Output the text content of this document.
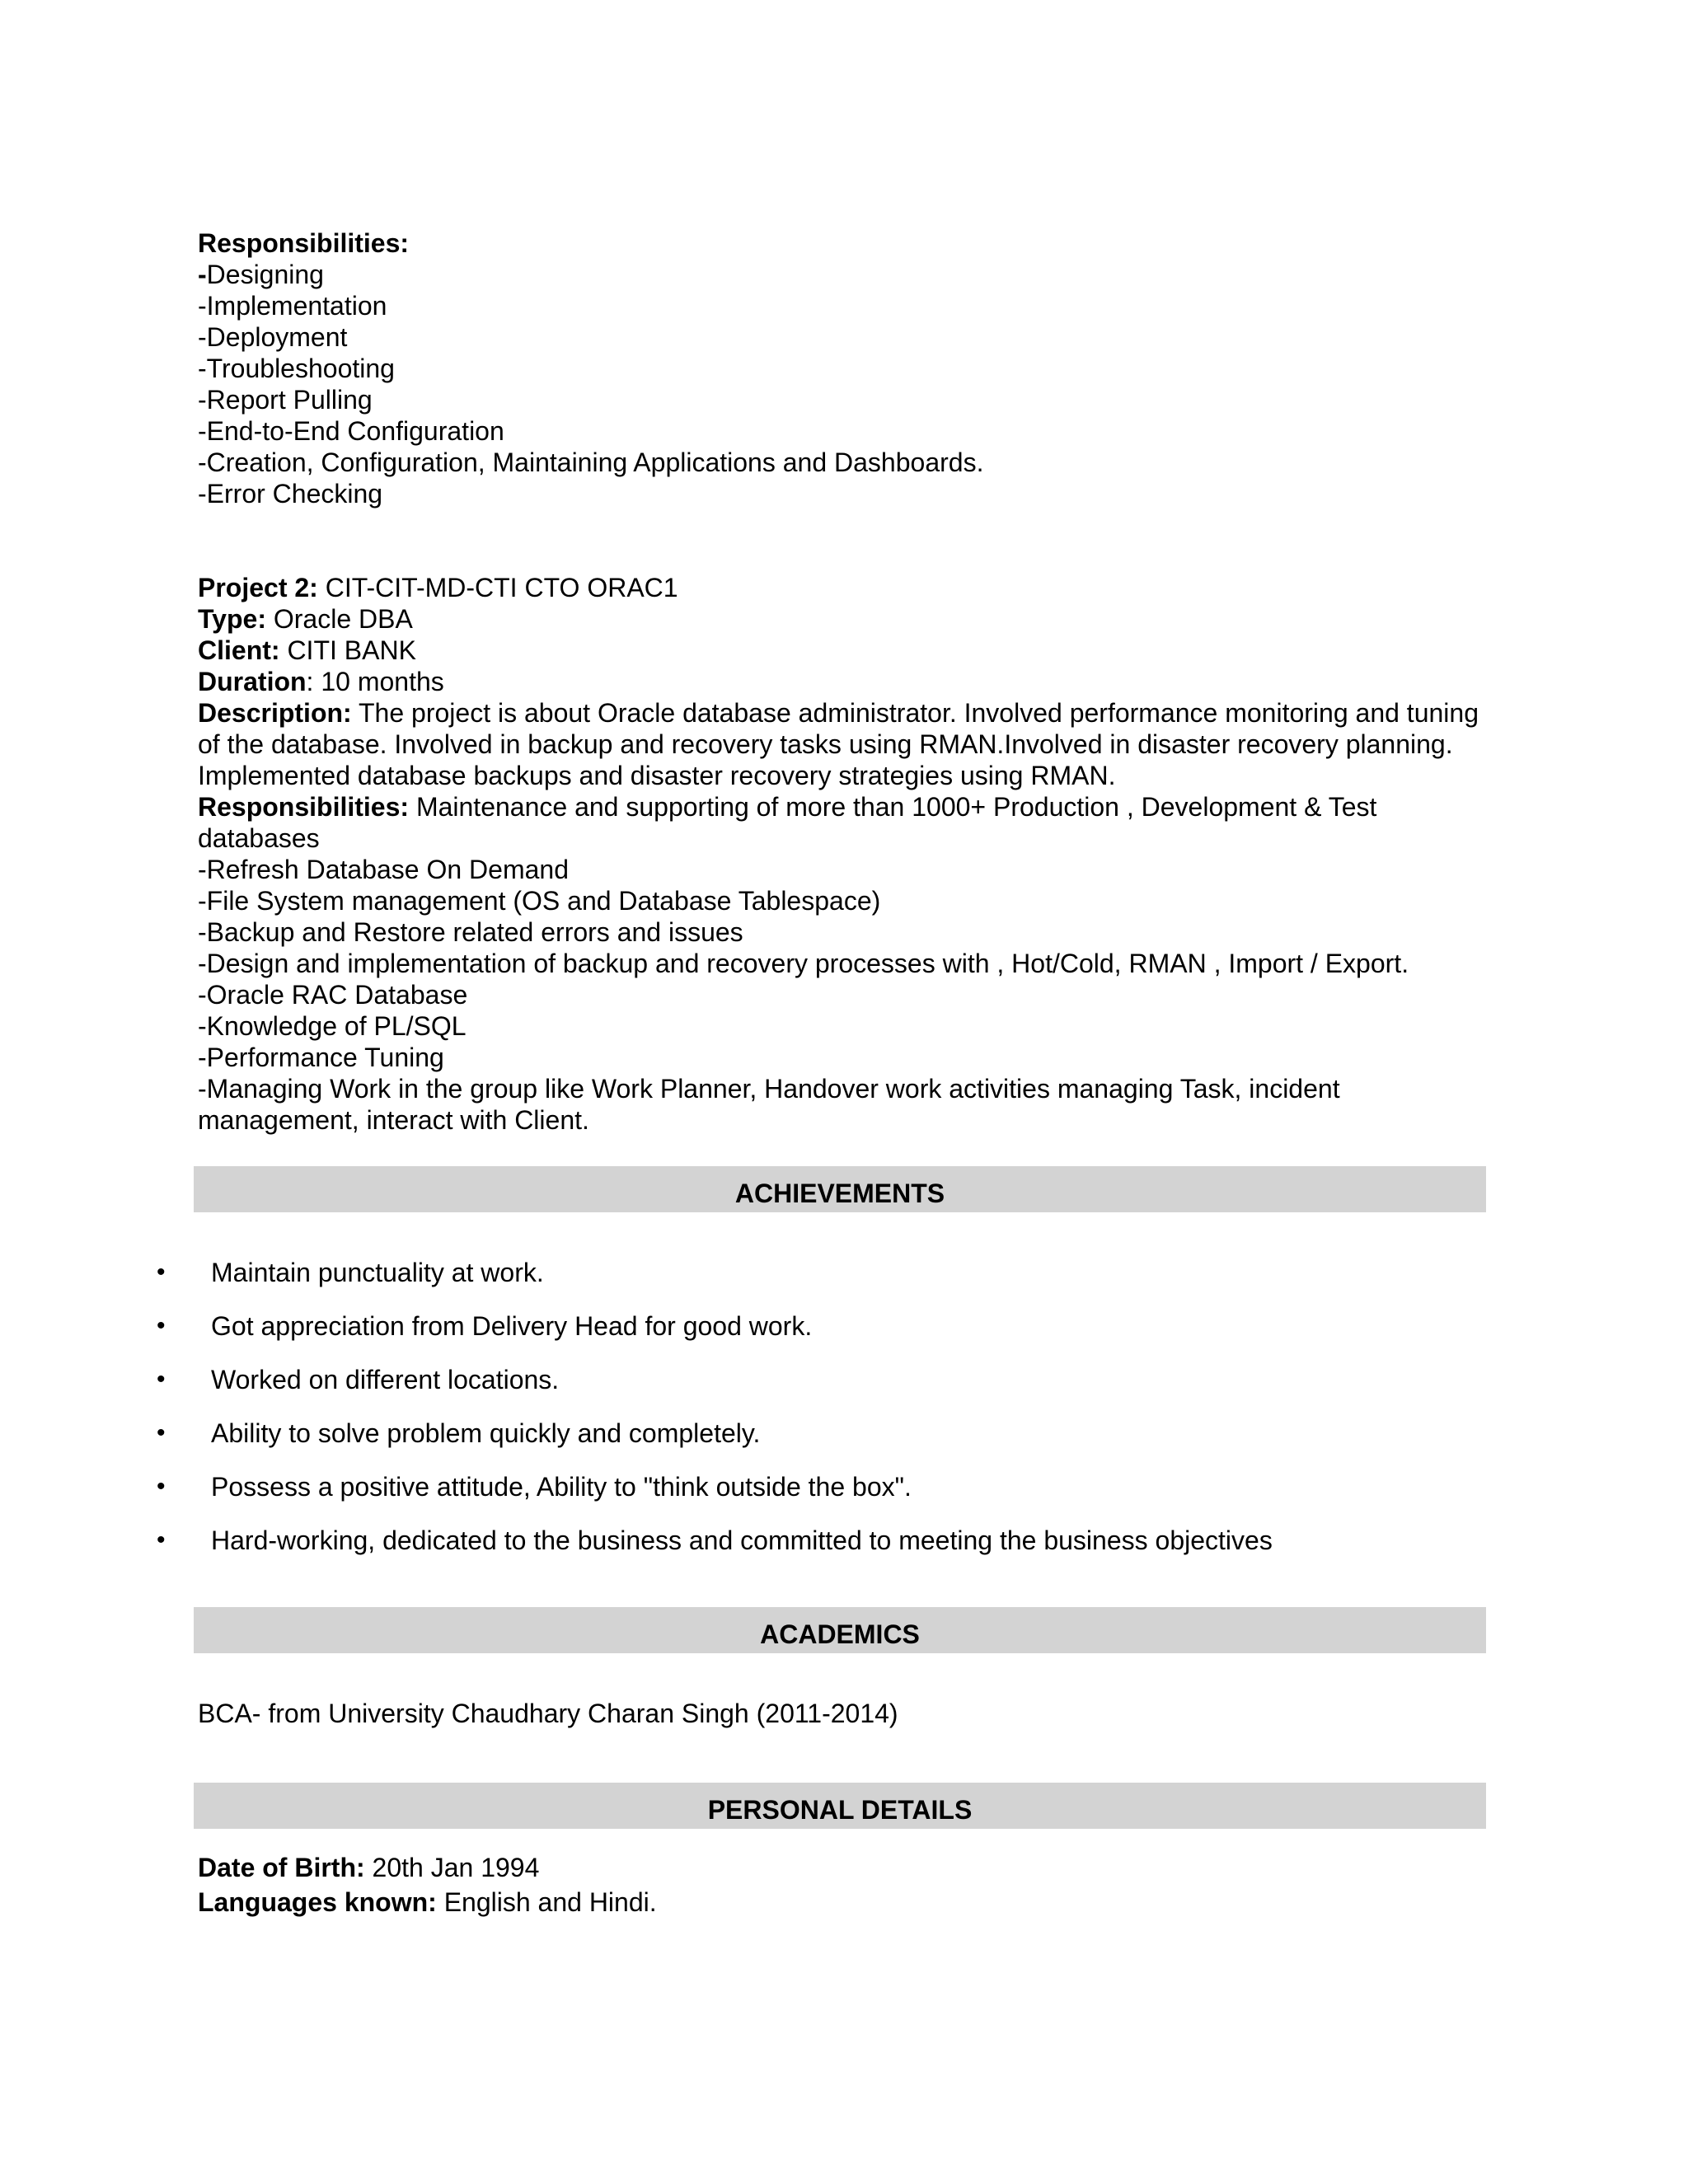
Responsibilities:
-Designing
-Implementation
-Deployment
-Troubleshooting
-Report Pulling
-End-to-End Configuration
-Creation, Configuration, Maintaining Applications and Dashboards.
-Error Checking
Project 2: CIT-CIT-MD-CTI CTO ORAC1
Type: Oracle DBA
Client: CITI BANK
Duration: 10 months
Description: The project is about Oracle database administrator. Involved performance monitoring and tuning of the database. Involved in backup and recovery tasks using RMAN.Involved in disaster recovery planning. Implemented database backups and disaster recovery strategies using RMAN.
Responsibilities: Maintenance and supporting of more than 1000+ Production , Development & Test databases
-Refresh Database On Demand
-File System management (OS and Database Tablespace)
-Backup and Restore related errors and issues
-Design and implementation of backup and recovery processes with , Hot/Cold, RMAN , Import / Export.
-Oracle RAC Database
-Knowledge of PL/SQL
-Performance Tuning
-Managing Work in the group like Work Planner, Handover work activities managing Task, incident management, interact with Client.
ACHIEVEMENTS
•	Maintain punctuality at work.
•	Got appreciation from Delivery Head for good work.
•	Worked on different locations.
•	Ability to solve problem quickly and completely.
•	Possess a positive attitude, Ability to "think outside the box".
•	Hard-working, dedicated to the business and committed to meeting the business objectives
ACADEMICS
BCA- from University Chaudhary Charan Singh (2011-2014)
PERSONAL DETAILS
Date of Birth: 20th Jan 1994
Languages known: English and Hindi.
